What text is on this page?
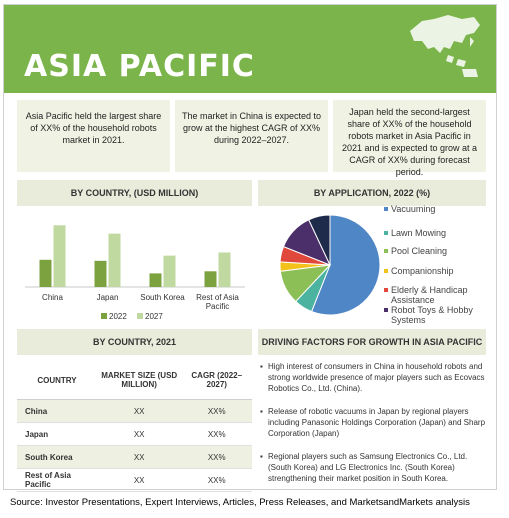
ASIA PACIFIC
Asia Pacific held the largest share of XX% of the household robots market in 2021.
The market in China is expected to grow at the highest CAGR of XX% during 2022–2027.
Japan held the second-largest share of XX% of the household robots market in Asia Pacific in 2021 and is expected to grow at a CAGR of XX% during forecast period.
BY COUNTRY, (USD MILLION)	BY APPLICATION, 2022 (%)
China	Japan	South Korea Rest of Asia
Pacific
2022 2027
Vacuuming
Lawn Mowing
Pool Cleaning
Companionship
Elderly & Handicap Assistance
Robot Toys & Hobby Systems
BY COUNTRY, 2021	DRIVING FACTORS FOR GROWTH IN ASIA PACIFIC
COUNTRY	MARKET SIZE (USD MILLION)	CAGR (2022–2027)
China	XX	XX%
Japan	XX	XX%
South Korea	XX	XX%
Rest of Asia Pacific	XX	XX%
▪ High interest of consumers in China in household robots and strong worldwide presence of major players such as Ecovacs Robotics Co., Ltd. (China).
▪ Release of robotic vacuums in Japan by regional players including Panasonic Holdings Corporation (Japan) and Sharp Corporation (Japan)
▪ Regional players such as Samsung Electronics Co., Ltd. (South Korea) and LG Electronics Inc. (South Korea) strengthening their market position in South Korea.
Source: Investor Presentations, Expert Interviews, Articles, Press Releases, and MarketsandMarkets analysis
